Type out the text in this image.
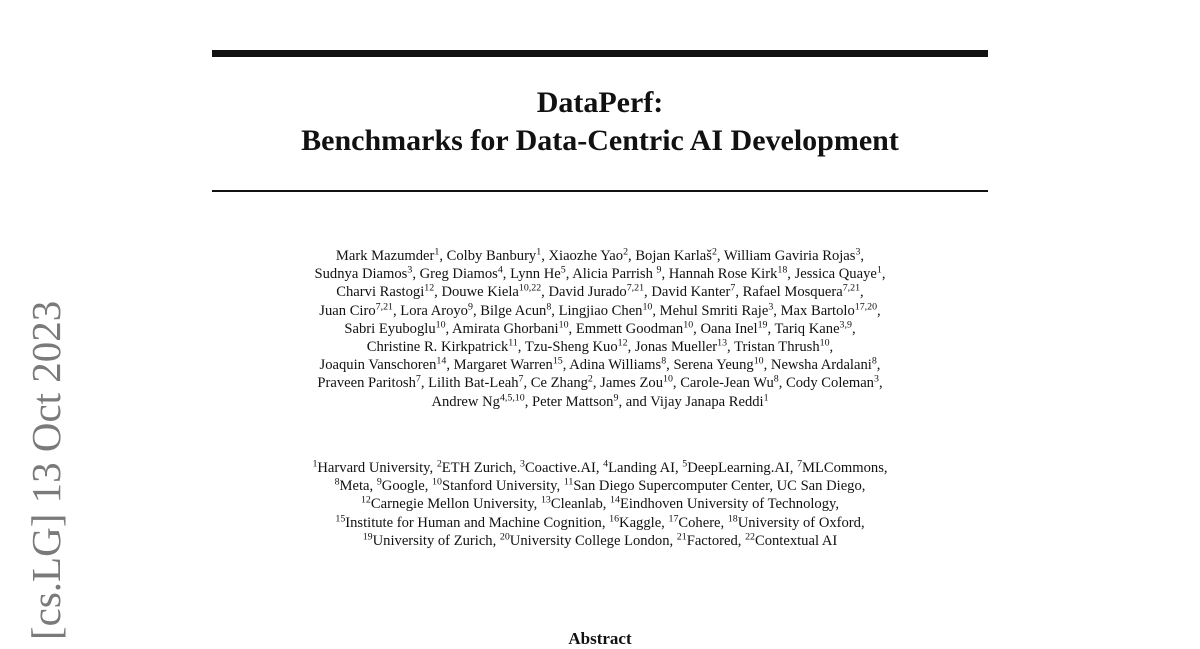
DataPerf:
Benchmarks for Data-Centric AI Development
Mark Mazumder$^1$, Colby Banbury$^1$, Xiaozhe Yao$^2$, Bojan Karlaš$^2$, William Gaviria Rojas$^3$,
Sudnya Diamos$^3$, Greg Diamos$^4$, Lynn He$^5$, Alicia Parrish $^9$, Hannah Rose Kirk$^{18}$, Jessica Quaye$^1$,
Charvi Rastogi$^{12}$, Douwe Kiela$^{10,22}$, David Jurado$^{7,21}$, David Kanter$^7$, Rafael Mosquera$^{7,21}$,
Juan Ciro$^{7,21}$, Lora Aroyo$^9$, Bilge Acun$^8$, Lingjiao Chen$^{10}$, Mehul Smriti Raje$^3$, Max Bartolo$^{17,20}$,
Sabri Eyuboglu$^{10}$, Amirata Ghorbani$^{10}$, Emmett Goodman$^{10}$, Oana Inel$^{19}$, Tariq Kane$^{3,9}$,
Christine R. Kirkpatrick$^{11}$, Tzu-Sheng Kuo$^{12}$, Jonas Mueller$^{13}$, Tristan Thrush$^{10}$,
Joaquin Vanschoren$^{14}$, Margaret Warren$^{15}$, Adina Williams$^8$, Serena Yeung$^{10}$, Newsha Ardalani$^8$,
Praveen Paritosh$^7$, Lilith Bat-Leah$^7$, Ce Zhang$^2$, James Zou$^{10}$, Carole-Jean Wu$^8$, Cody Coleman$^3$,
Andrew Ng$^{4,5,10}$, Peter Mattson$^9$, and Vijay Janapa Reddi$^1$
$^1$Harvard University, $^2$ETH Zurich, $^3$Coactive.AI, $^4$Landing AI, $^5$DeepLearning.AI, $^7$MLCommons,
$^8$Meta, $^9$Google, $^{10}$Stanford University, $^{11}$San Diego Supercomputer Center, UC San Diego,
$^{12}$Carnegie Mellon University, $^{13}$Cleanlab, $^{14}$Eindhoven University of Technology,
$^{15}$Institute for Human and Machine Cognition, $^{16}$Kaggle, $^{17}$Cohere, $^{18}$University of Oxford,
$^{19}$University of Zurich, $^{20}$University College London, $^{21}$Factored, $^{22}$Contextual AI
Abstract
[cs.LG] 13 Oct 2023
